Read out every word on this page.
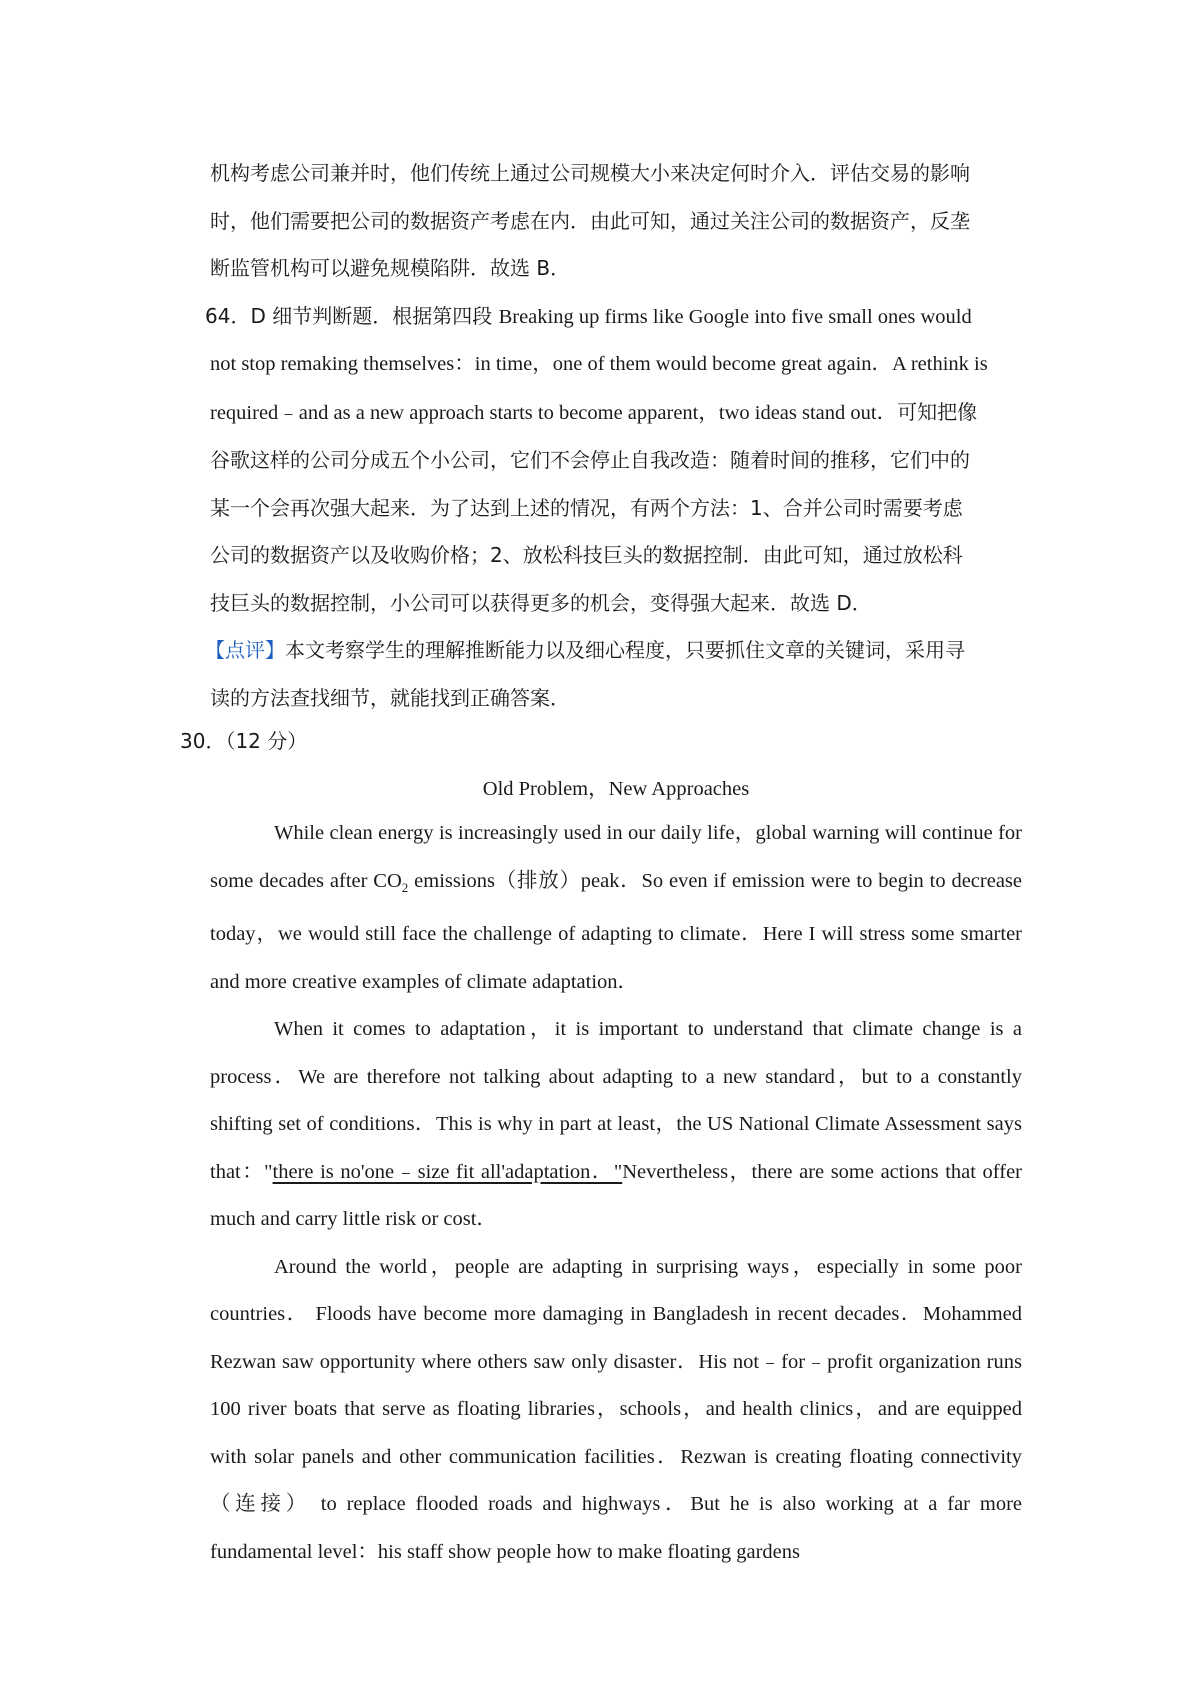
机构考虑公司兼并时，他们传统上通过公司规模大小来决定何时介入．评估交易的影响

时，他们需要把公司的数据资产考虑在内．由此可知，通过关注公司的数据资产，反垄

断监管机构可以避免规模陷阱．故选 B．

64．D 细节判断题．根据第四段 Breaking up firms like Google into five small ones would

not stop remaking themselves：in time，one of them would become great again．A rethink is

required﹣and as a new approach starts to become apparent，two ideas stand out．可知把像

谷歌这样的公司分成五个小公司，它们不会停止自我改造：随着时间的推移，它们中的

某一个会再次强大起来．为了达到上述的情况，有两个方法：1、合并公司时需要考虑

公司的数据资产以及收购价格；2、放松科技巨头的数据控制．由此可知，通过放松科

技巨头的数据控制，小公司可以获得更多的机会，变得强大起来．故选 D．

【点评】本文考察学生的理解推断能力以及细心程度，只要抓住文章的关键词，采用寻

读的方法查找细节，就能找到正确答案．

30．（12 分）

Old Problem，New Approaches

While clean energy is increasingly used in our daily life，global warning will continue for some decades after $CO_2$ emissions（排放）peak．So even if emission were to begin to decrease today，we would still face the challenge of adapting to climate．Here I will stress some smarter and more creative examples of climate adaptation．

When it comes to adaptation，it is important to understand that climate change is a process．We are therefore not talking about adapting to a new standard，but to a constantly shifting set of conditions．This is why in part at least，the US National Climate Assessment says that："there is no'one﹣size fit all'adaptation．"Nevertheless，there are some actions that offer much and carry little risk or cost．

Around the world，people are adapting in surprising ways，especially in some poor countries． Floods have become more damaging in Bangladesh in recent decades．Mohammed Rezwan saw opportunity where others saw only disaster．His not﹣for﹣profit organization runs 100 river boats that serve as floating libraries，schools，and health clinics，and are equipped with solar panels and other communication facilities．Rezwan is creating floating connectivity（连接） to replace flooded roads and highways．But he is also working at a far more fundamental level：his staff show people how to make floating gardens
